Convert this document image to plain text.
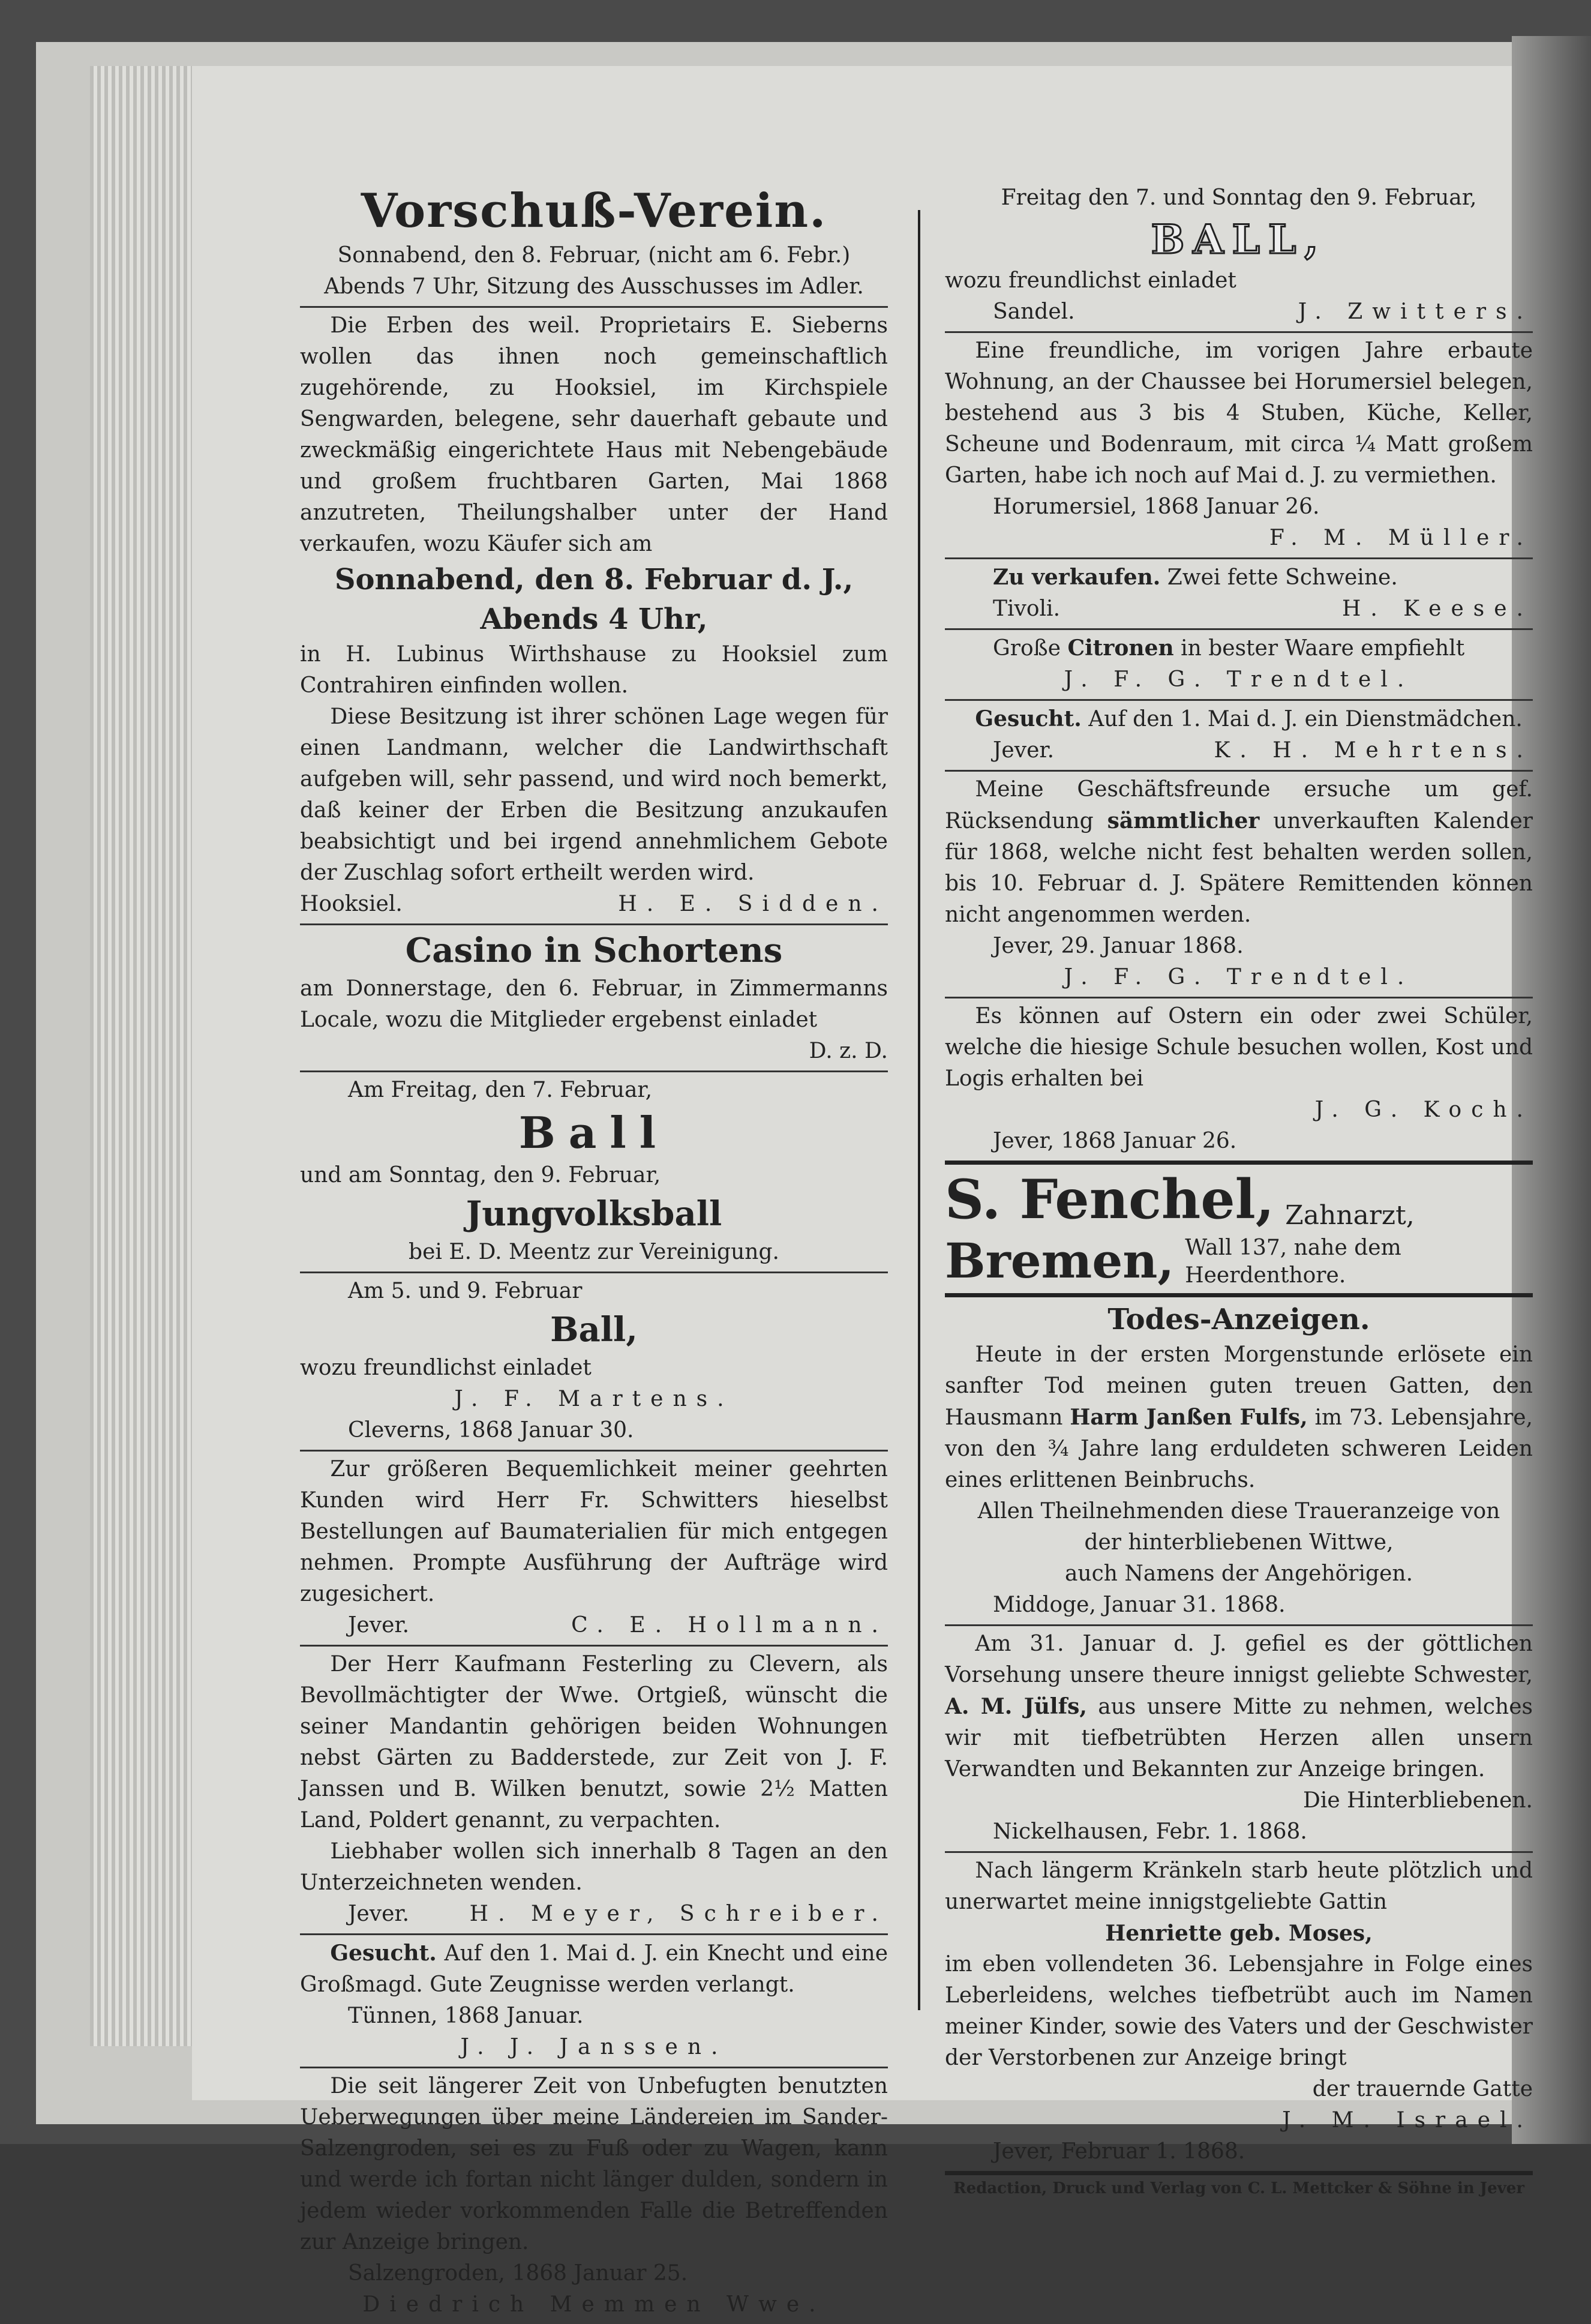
Vorschuß-Verein.
Sonnabend, den 8. Februar, (nicht am 6. Febr.)
Abends 7 Uhr, Sitzung des Ausschusses im Adler.
Die Erben des weil. Proprietairs E. Sieberns wollen das ihnen noch gemeinschaftlich zugehörende, zu Hooksiel, im Kirchspiele Sengwarden, belegene, sehr dauerhaft gebaute und zweckmäßig eingerichtete Haus mit Nebengebäude und großem fruchtbaren Garten, Mai 1868 anzutreten, Theilungshalber unter der Hand verkaufen, wozu Käufer sich am
Sonnabend, den 8. Februar d. J.,
Abends 4 Uhr,
in H. Lubinus Wirthshause zu Hooksiel zum Contrahiren einfinden wollen.
Diese Besitzung ist ihrer schönen Lage wegen für einen Landmann, welcher die Landwirthschaft aufgeben will, sehr passend, und wird noch bemerkt, daß keiner der Erben die Besitzung anzukaufen beabsichtigt und bei irgend annehmlichem Gebote der Zuschlag sofort ertheilt werden wird.
Hooksiel.	H. E. Sidden.
Casino in Schortens
am Donnerstage, den 6. Februar, in Zimmermanns Locale, wozu die Mitglieder ergebenst einladet
D. z. D.
Am Freitag, den 7. Februar,
Ball
und am Sonntag, den 9. Februar,
Jungvolksball
bei E. D. Meentz zur Vereinigung.
Am 5. und 9. Februar
Ball,
wozu freundlichst einladet
J. F. Martens.
Cleverns, 1868 Januar 30.
Zur größeren Bequemlichkeit meiner geehrten Kunden wird Herr Fr. Schwitters hieselbst Bestellungen auf Baumaterialien für mich entgegen nehmen. Prompte Ausführung der Aufträge wird zugesichert.
Jever.	C. E. Hollmann.
Der Herr Kaufmann Festerling zu Clevern, als Bevollmächtigter der Wwe. Ortgieß, wünscht die seiner Mandantin gehörigen beiden Wohnungen nebst Gärten zu Badderstede, zur Zeit von J. F. Janssen und B. Wilken benutzt, sowie 2½ Matten Land, Poldert genannt, zu verpachten.
Liebhaber wollen sich innerhalb 8 Tagen an den Unterzeichneten wenden.
Jever.	H. Meyer, Schreiber.
Gesucht. Auf den 1. Mai d. J. ein Knecht und eine Großmagd. Gute Zeugnisse werden verlangt.
Tünnen, 1868 Januar.
J. J. Janssen.
Die seit längerer Zeit von Unbefugten benutzten Ueberwegungen über meine Ländereien im Sander-Salzengroden, sei es zu Fuß oder zu Wagen, kann und werde ich fortan nicht länger dulden, sondern in jedem wieder vorkommenden Falle die Betreffenden zur Anzeige bringen.
Salzengroden, 1868 Januar 25.
Diedrich Memmen Wwe.
Freitag den 7. und Sonntag den 9. Februar,
BALL,
wozu freundlichst einladet
Sandel.	J. Zwitters.
Eine freundliche, im vorigen Jahre erbaute Wohnung, an der Chaussee bei Horumersiel belegen, bestehend aus 3 bis 4 Stuben, Küche, Keller, Scheune und Bodenraum, mit circa ¼ Matt großem Garten, habe ich noch auf Mai d. J. zu vermiethen.
Horumersiel, 1868 Januar 26.
F. M. Müller.
Zu verkaufen. Zwei fette Schweine.
Tivoli.	H. Keese.
Große Citronen in bester Waare empfiehlt
J. F. G. Trendtel.
Gesucht. Auf den 1. Mai d. J. ein Dienstmädchen.
Jever.	K. H. Mehrtens.
Meine Geschäftsfreunde ersuche um gef. Rücksendung sämmtlicher unverkauften Kalender für 1868, welche nicht fest behalten werden sollen, bis 10. Februar d. J. Spätere Remittenden können nicht angenommen werden.
Jever, 29. Januar 1868.
J. F. G. Trendtel.
Es können auf Ostern ein oder zwei Schüler, welche die hiesige Schule besuchen wollen, Kost und Logis erhalten bei
J. G. Koch.
Jever, 1868 Januar 26.
S. Fenchel, Zahnarzt,
Bremen, Wall 137, nahe dem Heerdenthore.
Todes-Anzeigen.
Heute in der ersten Morgenstunde erlösete ein sanfter Tod meinen guten treuen Gatten, den Hausmann Harm Janßen Fulfs, im 73. Lebensjahre, von den ¾ Jahre lang erduldeten schweren Leiden eines erlittenen Beinbruchs.
Allen Theilnehmenden diese Traueranzeige von
der hinterbliebenen Wittwe,
auch Namens der Angehörigen.
Middoge, Januar 31. 1868.
Am 31. Januar d. J. gefiel es der göttlichen Vorsehung unsere theure innigst geliebte Schwester, A. M. Jülfs, aus unsere Mitte zu nehmen, welches wir mit tiefbetrübten Herzen allen unsern Verwandten und Bekannten zur Anzeige bringen.
Die Hinterbliebenen.
Nickelhausen, Febr. 1. 1868.
Nach längerm Kränkeln starb heute plötzlich und unerwartet meine innigstgeliebte Gattin
Henriette geb. Moses,
im eben vollendeten 36. Lebensjahre in Folge eines Leberleidens, welches tiefbetrübt auch im Namen meiner Kinder, sowie des Vaters und der Geschwister der Verstorbenen zur Anzeige bringt
der trauernde Gatte
J. M. Israel.
Jever, Februar 1. 1868.
Redaction, Druck und Verlag von C. L. Mettcker & Söhne in Jever
